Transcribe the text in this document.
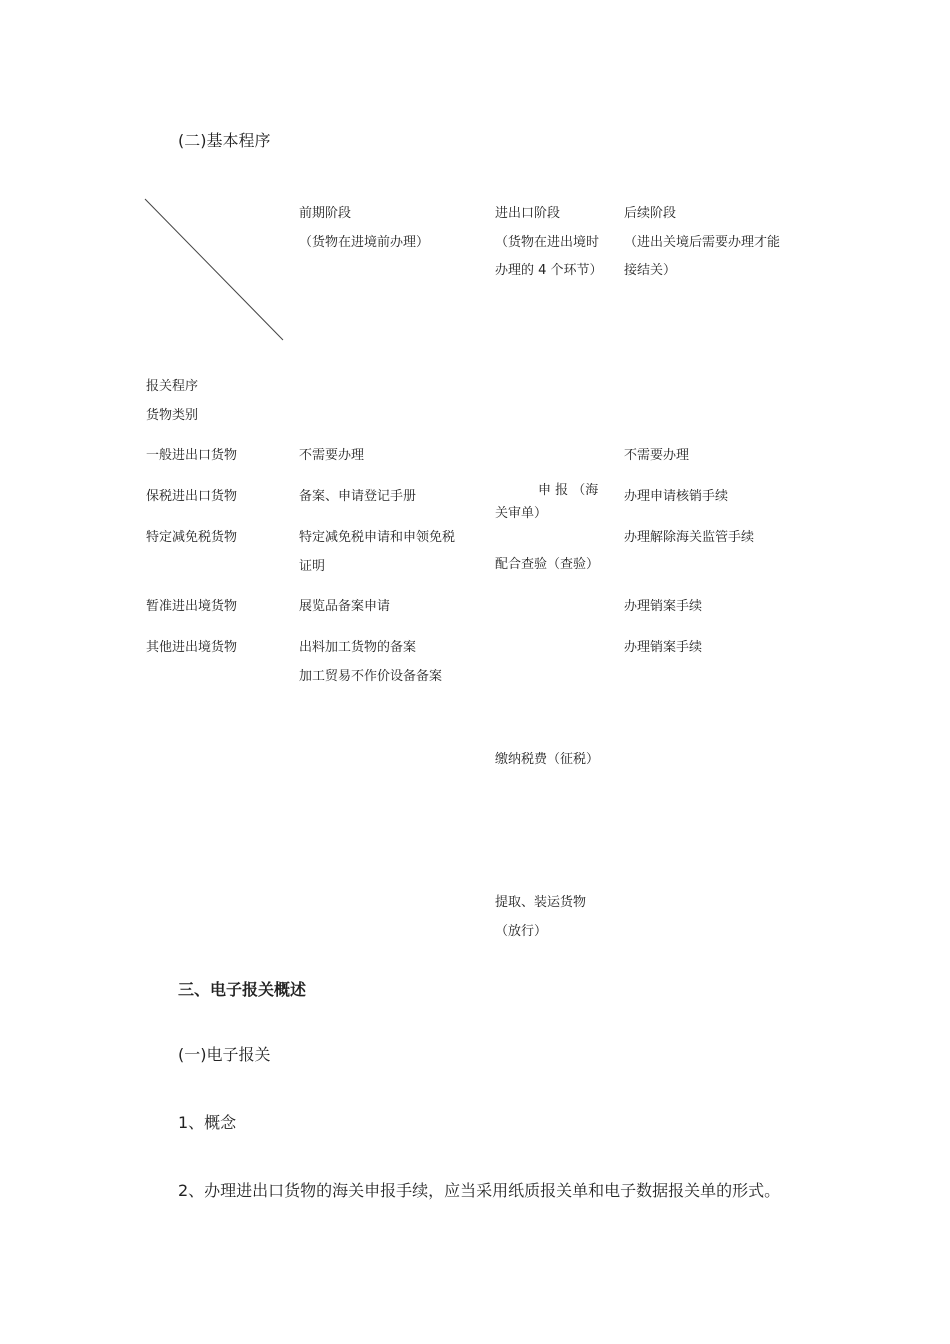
(二)基本程序
前期阶段
（货物在进境前办理）
进出口阶段
（货物在进出境时
办理的 4 个环节）
后续阶段
（进出关境后需要办理才能
接结关）
报关程序
货物类别
一般进出口货物
保税进出口货物
特定减免税货物
暂准进出境货物
其他进出境货物
不需要办理
备案、申请登记手册
特定减免税申请和申领免税
证明
展览品备案申请
出料加工货物的备案
加工贸易不作价设备备案
不需要办理
办理申请核销手续
办理解除海关监管手续
办理销案手续
办理销案手续
申 报 （海
关审单）
配合查验（查验）
缴纳税费（征税）
提取、装运货物
（放行）
三、电子报关概述
(一)电子报关
1、概念
2、办理进出口货物的海关申报手续，应当采用纸质报关单和电子数据报关单的形式。
